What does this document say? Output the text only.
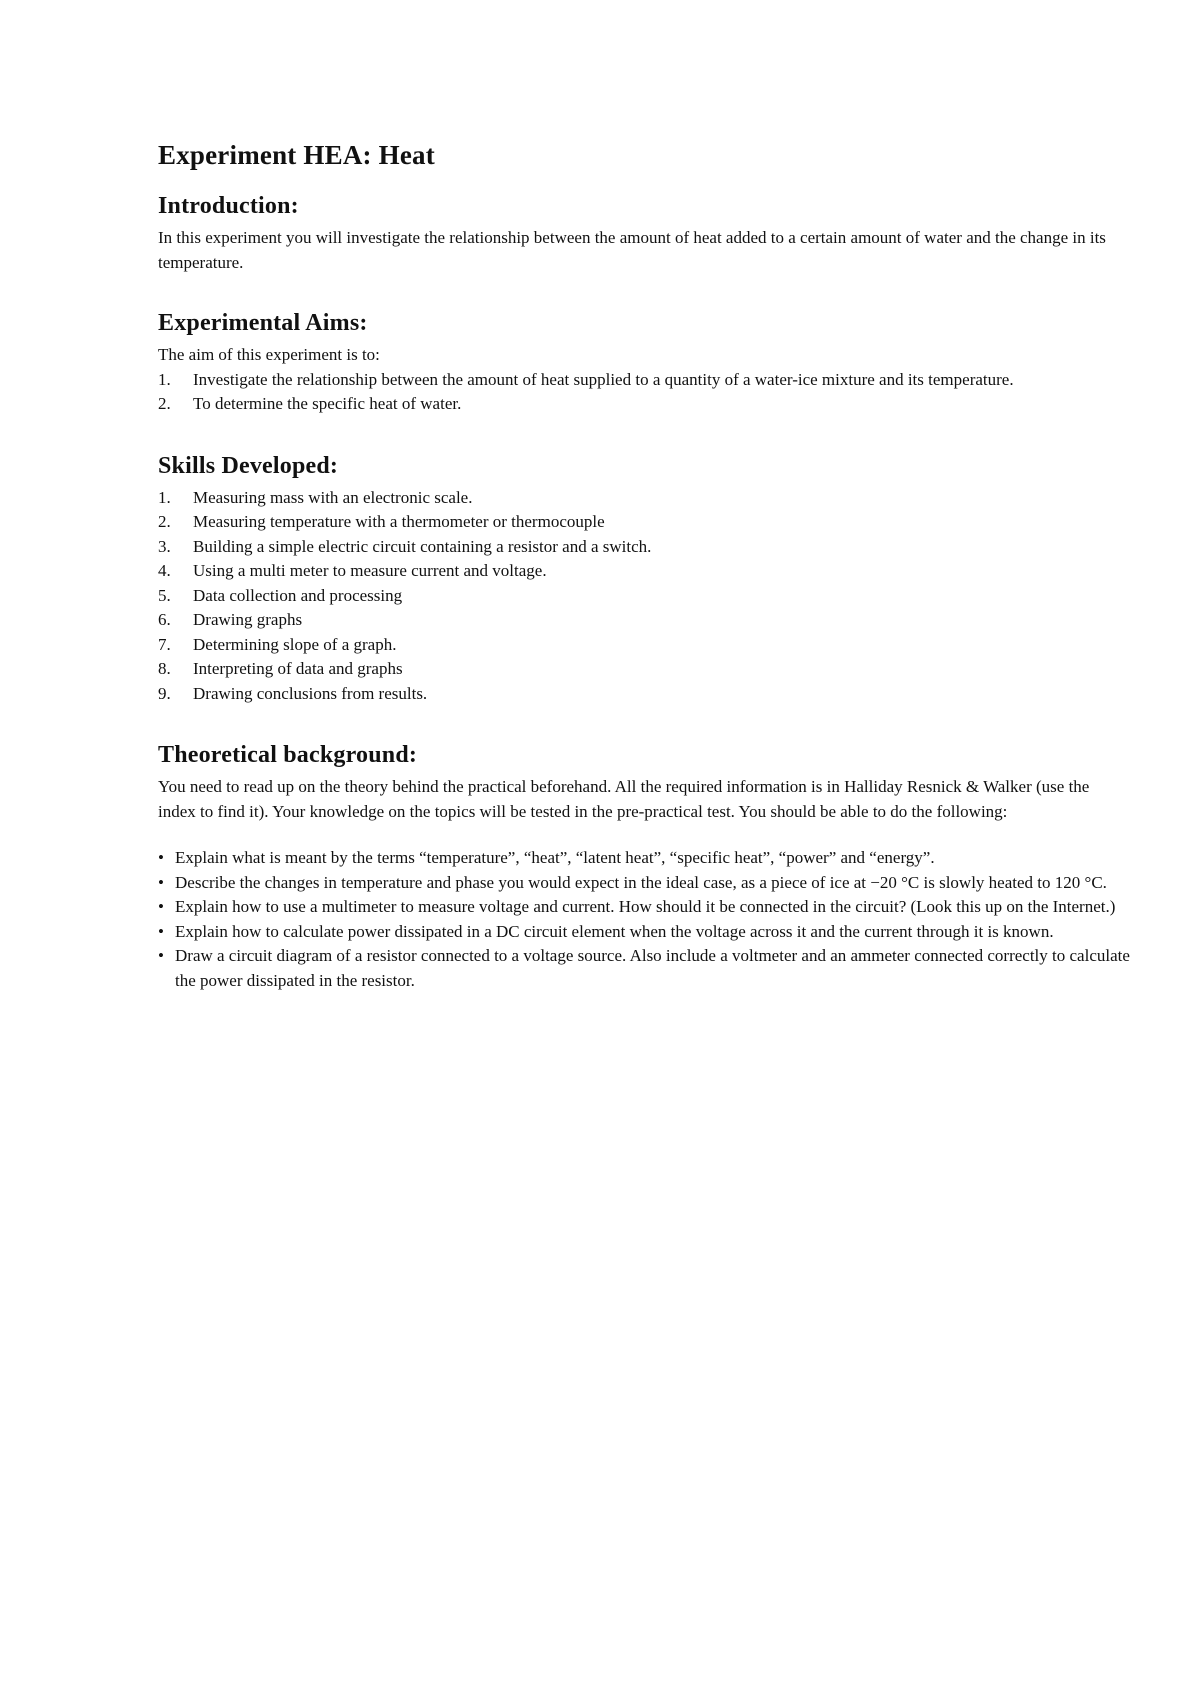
Experiment HEA: Heat
Introduction:

In this experiment you will investigate the relationship between the amount of heat added to a certain amount of water and the change in its temperature.

Experimental Aims:

The aim of this experiment is to:

1. Investigate the relationship between the amount of heat supplied to a quantity of a water-ice mixture and its temperature.
2. To determine the specific heat of water.
Skills Developed:
1. Measuring mass with an electronic scale.
2. Measuring temperature with a thermometer or thermocouple
3. Building a simple electric circuit containing a resistor and a switch.
4. Using a multi meter to measure current and voltage.
5. Data collection and processing
6. Drawing graphs
7. Determining slope of a graph.
8. Interpreting of data and graphs
9. Drawing conclusions from results.
Theoretical background:

You need to read up on the theory behind the practical beforehand. All the required information is in Halliday Resnick & Walker (use the index to find it). Your knowledge on the topics will be tested in the pre-practical test. You should be able to do the following:

• Explain what is meant by the terms “temperature”, “heat”, “latent heat”, “specific heat”, “power” and “energy”.
• Describe the changes in temperature and phase you would expect in the ideal case, as a piece of ice at −20 °C is slowly heated to 120 °C.
• Explain how to use a multimeter to measure voltage and current. How should it be connected in the circuit? (Look this up on the Internet.)
• Explain how to calculate power dissipated in a DC circuit element when the voltage across it and the current through it is known.
• Draw a circuit diagram of a resistor connected to a voltage source. Also include a voltmeter and an ammeter connected correctly to calculate the power dissipated in the resistor.
